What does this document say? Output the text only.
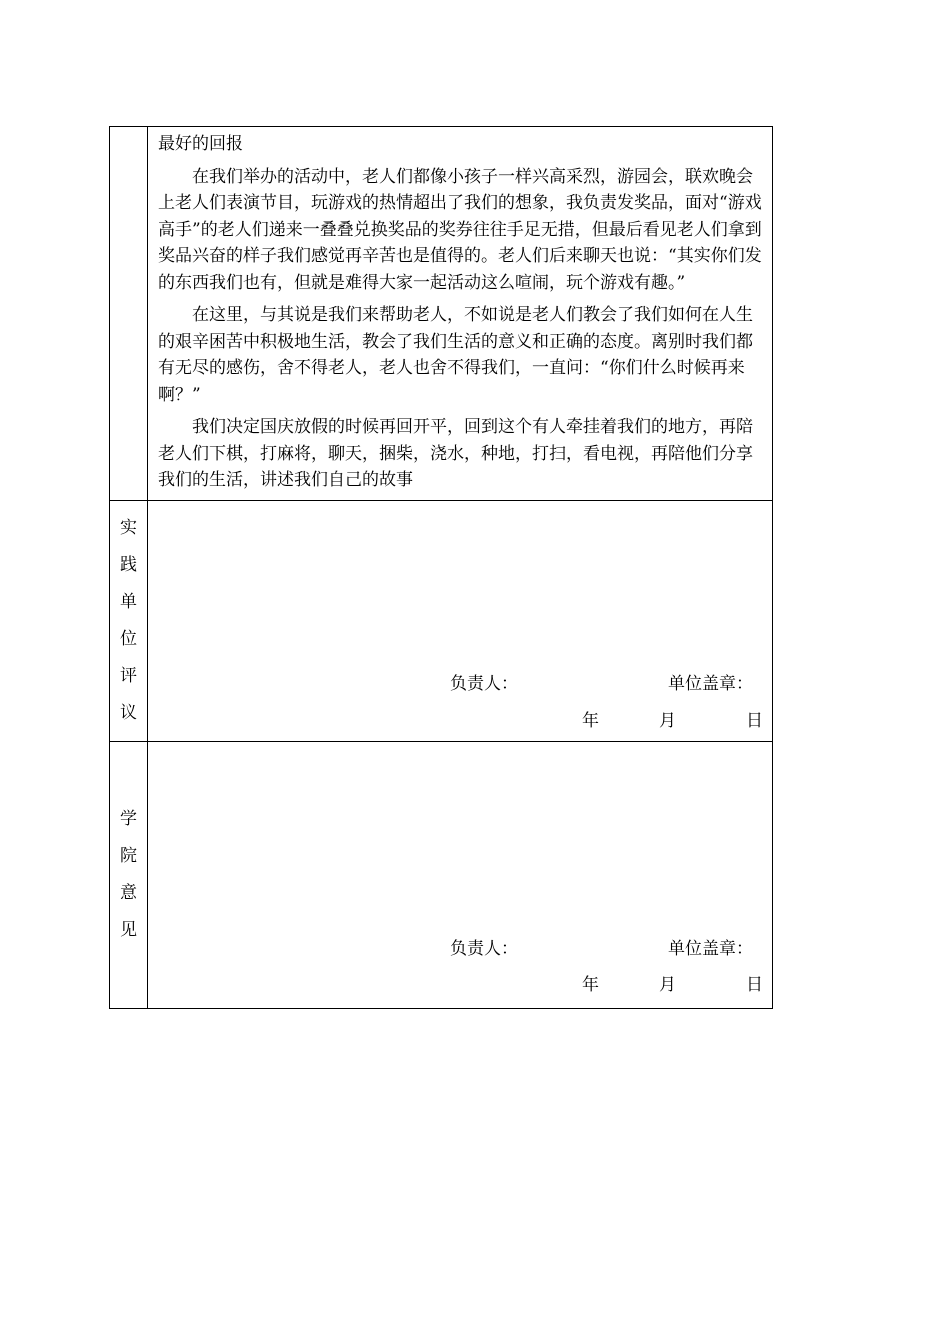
	最好的回报

在我们举办的活动中，老人们都像小孩子一样兴高采烈，游园会，联欢晚会上老人们表演节目，玩游戏的热情超出了我们的想象，我负责发奖品，面对“游戏高手”的老人们递来一叠叠兑换奖品的奖券往往手足无措，但最后看见老人们拿到奖品兴奋的样子我们感觉再辛苦也是值得的。老人们后来聊天也说：“其实你们发的东西我们也有，但就是难得大家一起活动这么喧闹，玩个游戏有趣。”

在这里，与其说是我们来帮助老人，不如说是老人们教会了我们如何在人生的艰辛困苦中积极地生活，教会了我们生活的意义和正确的态度。离别时我们都有无尽的感伤，舍不得老人，老人也舍不得我们，一直问：“你们什么时候再来啊？”

我们决定国庆放假的时候再回开平，回到这个有人牵挂着我们的地方，再陪老人们下棋，打麻将，聊天，捆柴，浇水，种地，打扫，看电视，再陪他们分享我们的生活，讲述我们自己的故事

实践单位评议	负责人： 单位盖章：
年 月 日

学院意见	负责人： 单位盖章：
年 月 日
